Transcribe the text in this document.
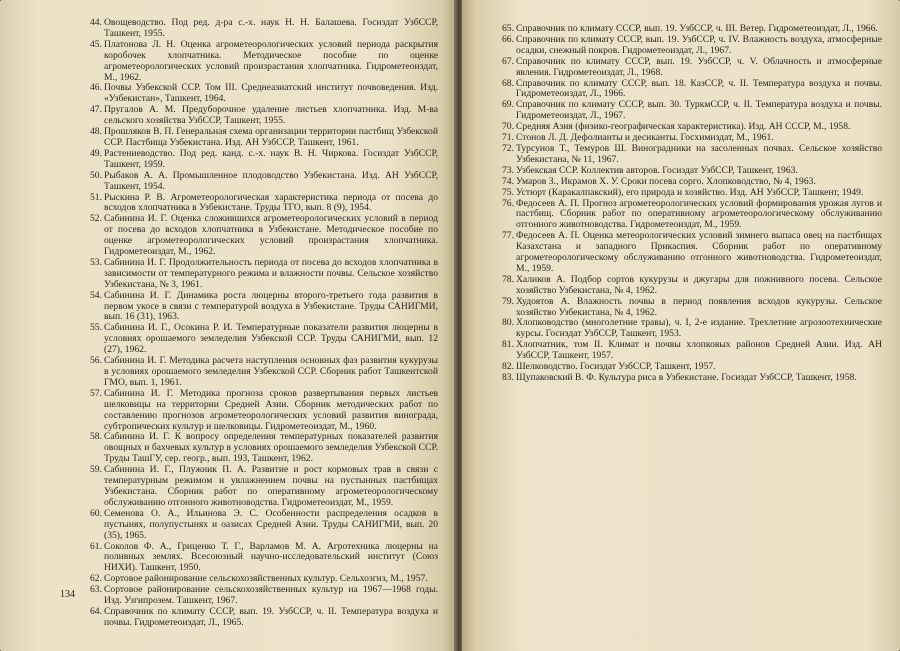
44. Овощеводство. Под ред. д-ра с.-х. наук Н. Н. Балашева. Госиздат УзбССР, Ташкент, 1955.

45. Платонова Л. Н. Оценка агрометеорологических условий периода раскрытия коробочек хлопчатника. Методическое пособие по оценке агрометеорологических условий произрастания хлопчатника. Гидрометеоиздат, М., 1962.

46. Почвы Узбекской ССР. Том III. Среднеазиатский институт почвоведения. Изд. «Узбекистан», Ташкент, 1964.

47. Пругалов А. М. Предуборочное удаление листьев хлопчатника. Изд. М-ва сельского хозяйства УзбССР, Ташкент, 1955.

48. Прошляков В. П. Генеральная схема организации территории пастбищ Узбекской ССР. Пастбища Узбекистана. Изд. АН УзбССР, Ташкент, 1961.

49. Растениеводство. Под ред. канд. с.-х. наук В. Н. Чиркова. Госиздат УзбССР, Ташкент, 1959.

50. Рыбаков А. А. Промышленное плодоводство Узбекистана. Изд. АН УзбССР, Ташкент, 1954.

51. Рыскина Р. В. Агрометеорологическая характеристика периода от посева до всходов хлопчатника в Узбекистане. Труды ТГО, вып. 8 (9), 1954.

52. Сабинина И. Г. Оценка сложившихся агрометеорологических условий в период от посева до всходов хлопчатника в Узбекистане. Методическое пособие по оценке агрометеорологических условий произрастания хлопчатника. Гидрометеоиздат, М., 1962.

53. Сабинина И. Г. Продолжительность периода от посева до всходов хлопчатника в зависимости от температурного режима и влажности почвы. Сельское хозяйство Узбекистана, № 3, 1961.

54. Сабинина И. Г. Динамика роста люцерны второго-третьего года развития в первом укосе в связи с температурой воздуха в Узбекистане. Труды САНИГМИ, вып. 16 (31), 1963.

55. Сабинина И. Г., Осокина Р. И. Температурные показатели развития люцерны в условиях орошаемого земледелия Узбекской ССР. Труды САНИГМИ, вып. 12 (27), 1962.

56. Сабинина И. Г. Методика расчета наступления основных фаз развития кукурузы в условиях орошаемого земледелия Узбекской ССР. Сборник работ Ташкентской ГМО, вып. 1, 1961.

57. Сабинина И. Г. Методика прогноза сроков развертывания первых листьев шелковицы на территории Средней Азии. Сборник методических работ по составлению прогнозов агрометеорологических условий развития винограда, субтропических культур и шелковицы. Гидрометеоиздат, М., 1960.

58. Сабинина И. Г. К вопросу определения температурных показателей развития овощных и бахчевых культур в условиях орошаемого земледелия Узбекской ССР. Труды ТашГУ, сер. геогр., вып. 193, Ташкент, 1962.

59. Сабинина И. Г., Плужник П. А. Развитие и рост кормовых трав в связи с температурным режимом и увлажнением почвы на пустынных пастбищах Узбекистана. Сборник работ по оперативному агрометеорологическому обслуживанию отгонного животноводства. Гидрометеоиздат, М., 1959.

60. Семенова О. А., Ильинова Э. С. Особенности распределения осадков в пустынях, полупустынях и оазисах Средней Азии. Труды САНИГМИ, вып. 20 (35), 1965.

61. Соколов Ф. А., Гриценко Т. Г., Варламов М. А. Агротехника люцерны на поливных землях. Всесоюзный научно-исследовательский институт (Союз НИХИ). Ташкент, 1950.

62. Сортовое районирование сельскохозяйственных культур. Сельхозгиз, М., 1957.

63. Сортовое районирование сельскохозяйственных культур на 1967—1968 годы. Изд. Узгипрозем. Ташкент, 1967.

64. Справочник по климату СССР, вып. 19. УзбССР, ч. II. Температура воздуха и почвы. Гидрометеоиздат, Л., 1965.

134

65. Справочник по климату СССР, вып. 19. УзбССР, ч. III. Ветер. Гидрометеоиздат, Л., 1966.

66. Справочник по климату СССР, вып. 19. УзбССР, ч. IV. Влажность воздуха, атмосферные осадки, снежный покров. Гидрометеоиздат, Л., 1967.

67. Справочник по климату СССР, вып. 19. УзбССР, ч. V. Облачность и атмосферные явления. Гидрометеоиздат, Л., 1968.

68. Справочник по климату СССР, вып. 18. КазССР, ч. II. Температура воздуха и почвы. Гидрометеоиздат, Л., 1966.

69. Справочник по климату СССР, вып. 30. ТуркмССР, ч. II. Температура воздуха и почвы. Гидрометеоиздат, Л., 1967.

70. Средняя Азия (физико-географическая характеристика). Изд. АН СССР, М., 1958.

71. Стонов Л. Д. Дефолианты и десиканты. Госхимиздат, М., 1961.

72. Турсунов Т., Темуров Ш. Виноградники на засоленных почвах. Сельское хозяйство Узбекистана, № 11, 1967.

73. Узбекская ССР. Коллектив авторов. Госиздат УзбССР, Ташкент, 1963.

74. Умаров З., Икрамов Х. У. Сроки посева сорго. Хлопководство, № 4, 1963.

75. Устюрт (Каракалпакский), его природа и хозяйство. Изд. АН УзбССР, Ташкент, 1949.

76. Федосеев А. П. Прогноз агрометеорологических условий формирования урожая лугов и пастбищ. Сборник работ по оперативному агрометеорологическому обслуживанию отгонного животноводства. Гидрометеоиздат, М., 1959.

77. Федосеев А. П. Оценка метеорологических условий зимнего выпаса овец на пастбищах Казахстана и западного Прикаспия. Сборник работ по оперативному агрометеорологическому обслуживанию отгонного животноводства. Гидрометеоиздат, М., 1959.

78. Халиков А. Подбор сортов кукурузы и джугары для пожнивного посева. Сельское хозяйство Узбекистана, № 4, 1962.

79. Худоятов А. Влажность почвы в период появления всходов кукурузы. Сельское хозяйство Узбекистана, № 4, 1962.

80. Хлопководство (многолетние травы), ч. I, 2-е издание. Трехлетние агрозоотехнические курсы. Госиздат УзбССР, Ташкент, 1953.

81. Хлопчатник, том II. Климат и почвы хлопковых районов Средней Азии. Изд. АН УзбССР, Ташкент, 1957.

82. Шелководство. Госиздат УзбССР, Ташкент, 1957.

83. Щупаковский В. Ф. Культура риса в Узбекистане. Госиздат УзбССР, Ташкент, 1958.
